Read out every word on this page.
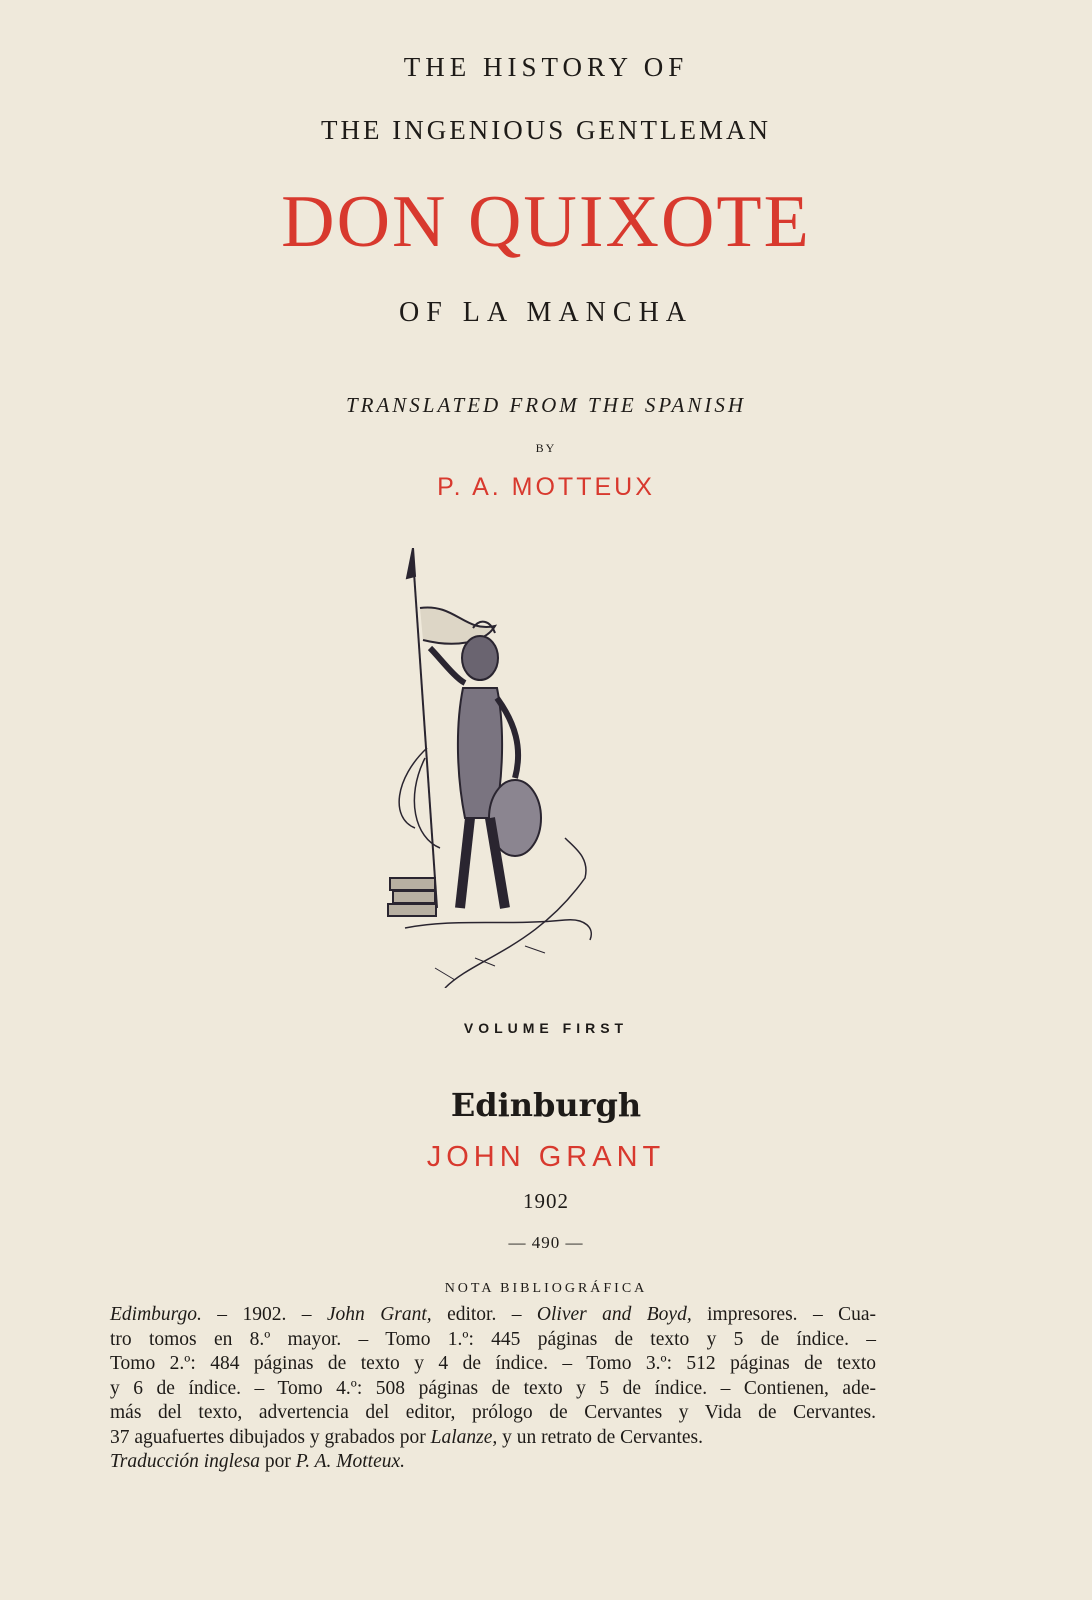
THE HISTORY OF
THE INGENIOUS GENTLEMAN
DON QUIXOTE
OF LA MANCHA
TRANSLATED FROM THE SPANISH
BY
P. A. MOTTEUX
VOLUME FIRST
Edinburgh
JOHN GRANT
1902
— 490 —
NOTA BIBLIOGRÁFICA
Edimburgo. – 1902. – John Grant, editor. – Oliver and Boyd, impresores. – Cua-
tro tomos en 8.º mayor. – Tomo 1.º: 445 páginas de texto y 5 de índice. –
Tomo 2.º: 484 páginas de texto y 4 de índice. – Tomo 3.º: 512 páginas de texto
y 6 de índice. – Tomo 4.º: 508 páginas de texto y 5 de índice. – Contienen, ade-
más del texto, advertencia del editor, prólogo de Cervantes y Vida de Cervantes.
37 aguafuertes dibujados y grabados por Lalanze, y un retrato de Cervantes.
Traducción inglesa por P. A. Motteux.
